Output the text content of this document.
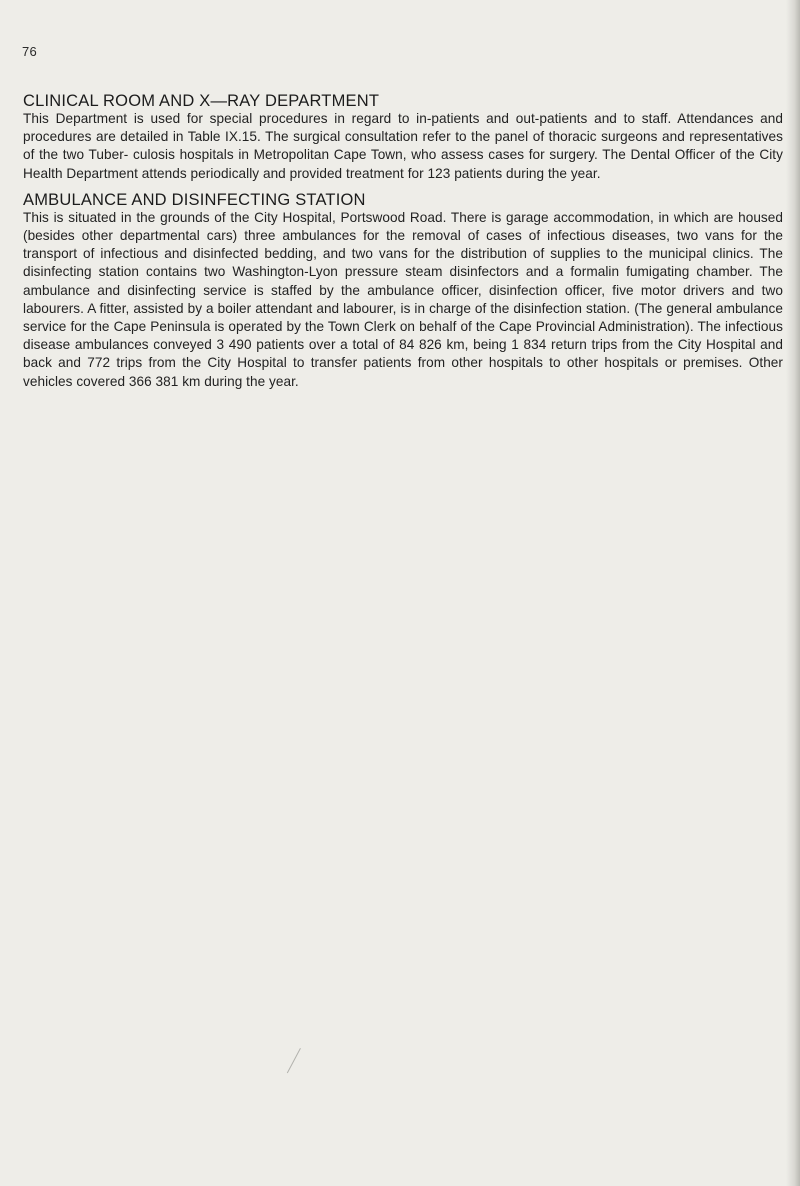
76
CLINICAL ROOM AND X—RAY DEPARTMENT

This Department is used for special procedures in regard to in-patients and out-patients and to staff. Attendances and procedures are detailed in Table IX.15. The surgical consultation refer to the panel of thoracic surgeons and representatives of the two Tuber- culosis hospitals in Metropolitan Cape Town, who assess cases for surgery. The Dental Officer of the City Health Department attends periodically and provided treatment for 123 patients during the year.

AMBULANCE AND DISINFECTING STATION

This is situated in the grounds of the City Hospital, Portswood Road. There is garage accommodation, in which are housed (besides other departmental cars) three ambulances for the removal of cases of infectious diseases, two vans for the transport of infectious and disinfected bedding, and two vans for the distribution of supplies to the municipal clinics. The disinfecting station contains two Washington-Lyon pressure steam disinfectors and a formalin fumigating chamber. The ambulance and disinfecting service is staffed by the ambulance officer, disinfection officer, five motor drivers and two labourers. A fitter, assisted by a boiler attendant and labourer, is in charge of the disinfection station. (The general ambulance service for the Cape Peninsula is operated by the Town Clerk on behalf of the Cape Provincial Administration). The infectious disease ambulances conveyed 3 490 patients over a total of 84 826 km, being 1 834 return trips from the City Hospital and back and 772 trips from the City Hospital to transfer patients from other hospitals to other hospitals or premises. Other vehicles covered 366 381 km during the year.
